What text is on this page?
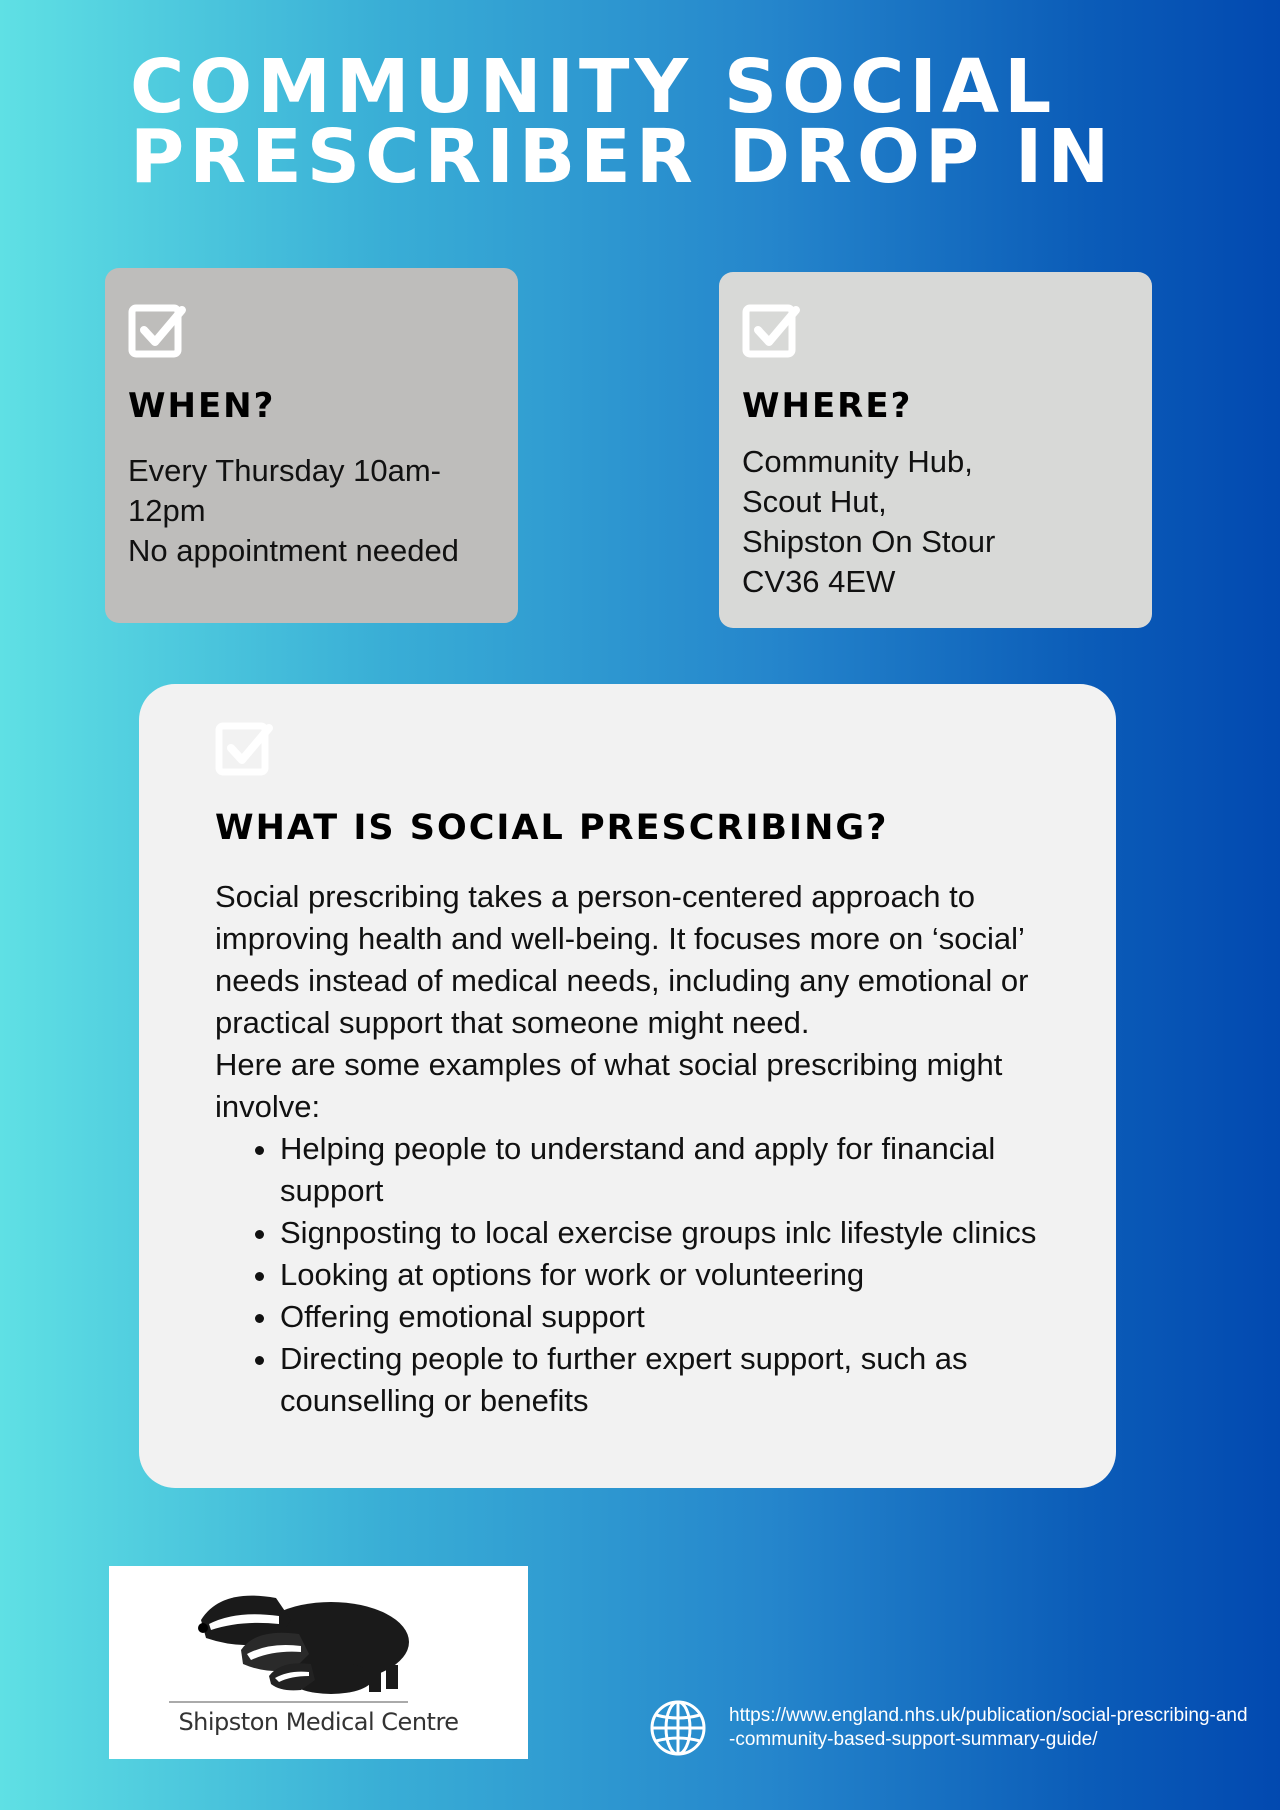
COMMUNITY SOCIAL
PRESCRIBER DROP IN
WHEN?
Every Thursday 10am-12pm
No appointment needed
WHERE?
Community Hub,
Scout Hut,
Shipston On Stour
CV36 4EW
WHAT IS SOCIAL PRESCRIBING?

Social prescribing takes a person-centered approach to improving health and well-being. It focuses more on ‘social’ needs instead of medical needs, including any emotional or practical support that someone might need.

Here are some examples of what social prescribing might involve:

• Helping people to understand and apply for financial support
• Signposting to local exercise groups inlc lifestyle clinics
• Looking at options for work or volunteering
• Offering emotional support
• Directing people to further expert support, such as counselling or benefits
Shipston Medical Centre	https://www.england.nhs.uk/publication/social-prescribing-and-community-based-support-summary-guide/
